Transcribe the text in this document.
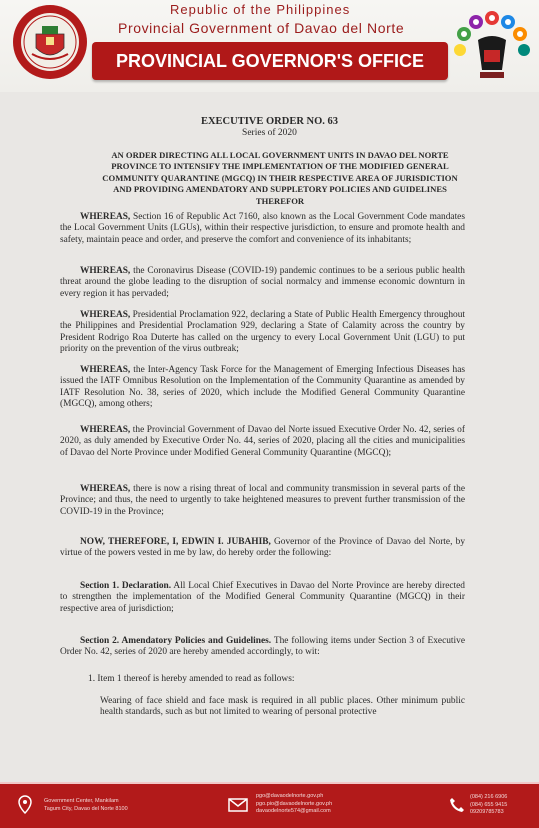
Republic of the Philippines
Provincial Government of Davao del Norte
PROVINCIAL GOVERNOR'S OFFICE
EXECUTIVE ORDER NO. 63
Series of 2020
AN ORDER DIRECTING ALL LOCAL GOVERNMENT UNITS IN DAVAO DEL NORTE PROVINCE TO INTENSIFY THE IMPLEMENTATION OF THE MODIFIED GENERAL COMMUNITY QUARANTINE (MGCQ) IN THEIR RESPECTIVE AREA OF JURISDICTION AND PROVIDING AMENDATORY AND SUPPLETORY POLICIES AND GUIDELINES THEREFOR

WHEREAS, Section 16 of Republic Act 7160, also known as the Local Government Code mandates the Local Government Units (LGUs), within their respective jurisdiction, to ensure and promote health and safety, maintain peace and order, and preserve the comfort and convenience of its inhabitants;

WHEREAS, the Coronavirus Disease (COVID-19) pandemic continues to be a serious public health threat around the globe leading to the disruption of social normalcy and immense economic downturn in every region it has pervaded;

WHEREAS, Presidential Proclamation 922, declaring a State of Public Health Emergency throughout the Philippines and Presidential Proclamation 929, declaring a State of Calamity across the country by President Rodrigo Roa Duterte has called on the urgency to every Local Government Unit (LGU) to put priority on the prevention of the virus outbreak;

WHEREAS, the Inter-Agency Task Force for the Management of Emerging Infectious Diseases has issued the IATF Omnibus Resolution on the Implementation of the Community Quarantine as amended by IATF Resolution No. 38, series of 2020, which include the Modified General Community Quarantine (MGCQ), among others;

WHEREAS, the Provincial Government of Davao del Norte issued Executive Order No. 42, series of 2020, as duly amended by Executive Order No. 44, series of 2020, placing all the cities and municipalities of Davao del Norte Province under Modified General Community Quarantine (MGCQ);

WHEREAS, there is now a rising threat of local and community transmission in several parts of the Province; and thus, the need to urgently to take heightened measures to prevent further transmission of the COVID-19 in the Province;

NOW, THEREFORE, I, EDWIN I. JUBAHIB, Governor of the Province of Davao del Norte, by virtue of the powers vested in me by law, do hereby order the following:

Section 1. Declaration. All Local Chief Executives in Davao del Norte Province are hereby directed to strengthen the implementation of the Modified General Community Quarantine (MGCQ) in their respective area of jurisdiction;

Section 2. Amendatory Policies and Guidelines. The following items under Section 3 of Executive Order No. 42, series of 2020 are hereby amended accordingly, to wit:

1. Item 1 thereof is hereby amended to read as follows:
Wearing of face shield and face mask is required in all public places. Other minimum public health standards, such as but not limited to wearing of personal protective
Government Center, Mankilam
Tagum City, Davao del Norte 8100
pgo@davaodelnorte.gov.ph
pgo.pio@davaodelnorte.gov.ph
davaodelnorte574@gmail.com
(084) 216 6906
(084) 655 9415
09209785783
